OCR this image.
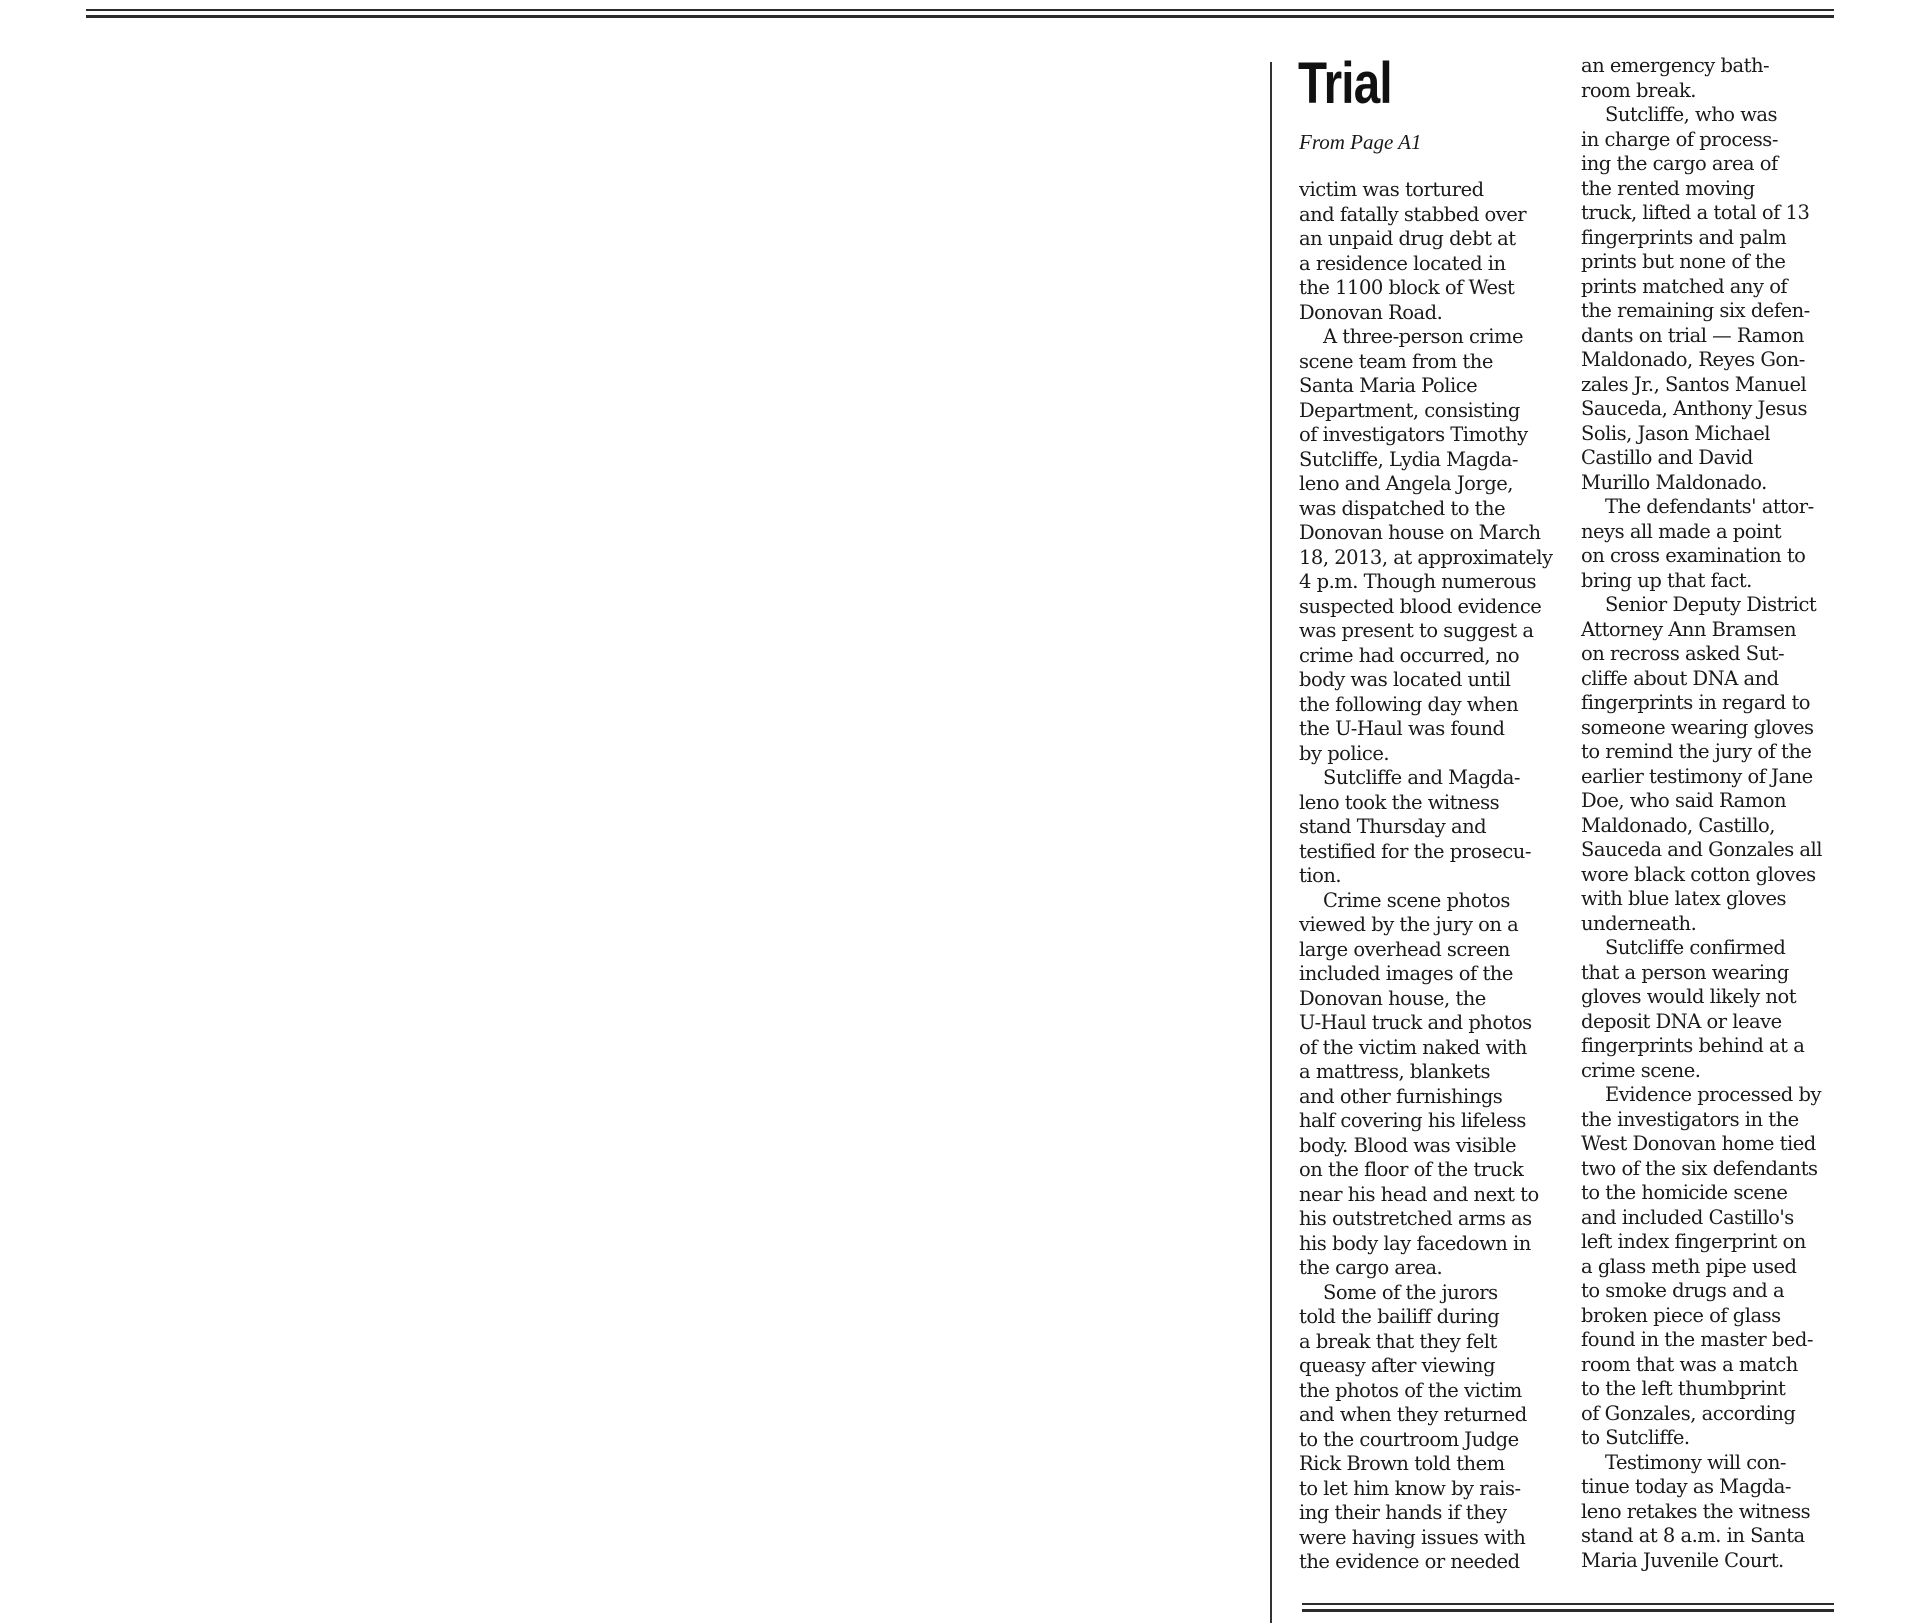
Trial

From Page A1

victim was tortured
and fatally stabbed over
an unpaid drug debt at
a residence located in
the 1100 block of West
Donovan Road.
A three-person crime
scene team from the
Santa Maria Police
Department, consisting
of investigators Timothy
Sutcliffe, Lydia Magda-
leno and Angela Jorge,
was dispatched to the
Donovan house on March
18, 2013, at approximately
4 p.m. Though numerous
suspected blood evidence
was present to suggest a
crime had occurred, no
body was located until
the following day when
the U-Haul was found
by police.
Sutcliffe and Magda-
leno took the witness
stand Thursday and
testified for the prosecu-
tion.
Crime scene photos
viewed by the jury on a
large overhead screen
included images of the
Donovan house, the
U-Haul truck and photos
of the victim naked with
a mattress, blankets
and other furnishings
half covering his lifeless
body. Blood was visible
on the floor of the truck
near his head and next to
his outstretched arms as
his body lay facedown in
the cargo area.
Some of the jurors
told the bailiff during
a break that they felt
queasy after viewing
the photos of the victim
and when they returned
to the courtroom Judge
Rick Brown told them
to let him know by rais-
ing their hands if they
were having issues with
the evidence or needed
an emergency bath-
room break.
Sutcliffe, who was
in charge of process-
ing the cargo area of
the rented moving
truck, lifted a total of 13
fingerprints and palm
prints but none of the
prints matched any of
the remaining six defen-
dants on trial — Ramon
Maldonado, Reyes Gon-
zales Jr., Santos Manuel
Sauceda, Anthony Jesus
Solis, Jason Michael
Castillo and David
Murillo Maldonado.
The defendants' attor-
neys all made a point
on cross examination to
bring up that fact.
Senior Deputy District
Attorney Ann Bramsen
on recross asked Sut-
cliffe about DNA and
fingerprints in regard to
someone wearing gloves
to remind the jury of the
earlier testimony of Jane
Doe, who said Ramon
Maldonado, Castillo,
Sauceda and Gonzales all
wore black cotton gloves
with blue latex gloves
underneath.
Sutcliffe confirmed
that a person wearing
gloves would likely not
deposit DNA or leave
fingerprints behind at a
crime scene.
Evidence processed by
the investigators in the
West Donovan home tied
two of the six defendants
to the homicide scene
and included Castillo's
left index fingerprint on
a glass meth pipe used
to smoke drugs and a
broken piece of glass
found in the master bed-
room that was a match
to the left thumbprint
of Gonzales, according
to Sutcliffe.
Testimony will con-
tinue today as Magda-
leno retakes the witness
stand at 8 a.m. in Santa
Maria Juvenile Court.
